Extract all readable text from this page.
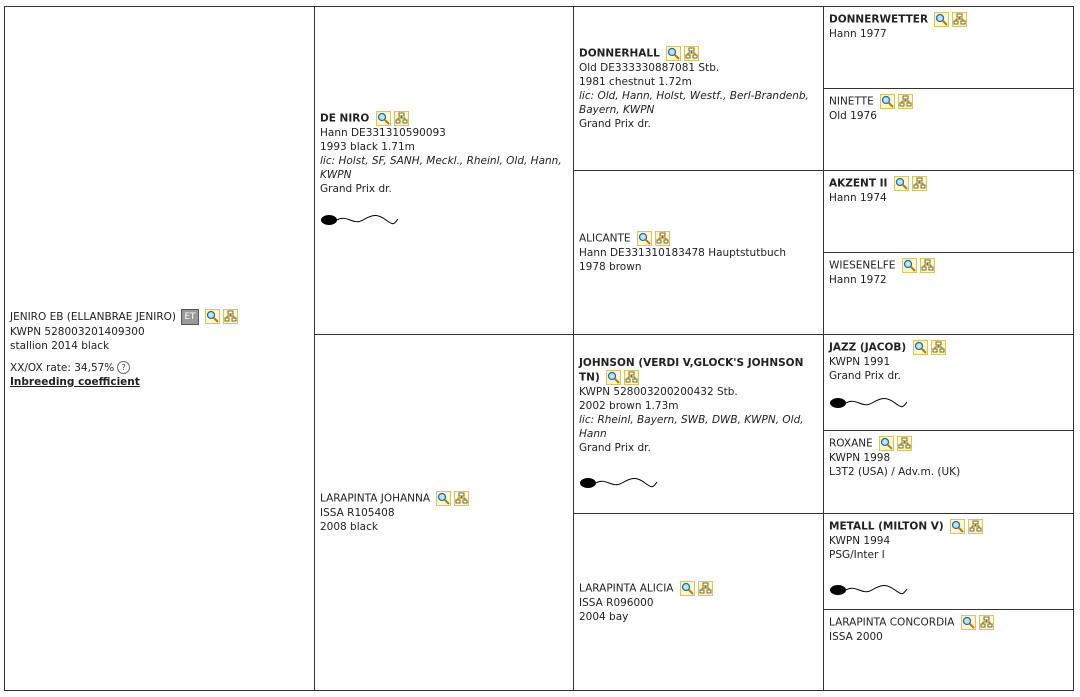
JENIRO EB (ELLANBRAE JENIRO) ET
KWPN 528003201409300
stallion 2014 black
XX/OX rate: 34,57% ?
Inbreeding coefficient
DE NIRO
Hann DE331310590093
1993 black 1.71m
lic: Holst, SF, SANH, Meckl., Rheinl, Old, Hann, KWPN
Grand Prix dr.
LARAPINTA JOHANNA
ISSA R105408
2008 black
DONNERHALL
Old DE333330887081 Stb.
1981 chestnut 1.72m
lic: Old, Hann, Holst, Westf., Berl-Brandenb, Bayern, KWPN
Grand Prix dr.
ALICANTE
Hann DE331310183478 Hauptstutbuch
1978 brown
JOHNSON (VERDI V,GLOCK'S JOHNSON TN)
KWPN 528003200200432 Stb.
2002 brown 1.73m
lic: Rheinl, Bayern, SWB, DWB, KWPN, Old, Hann
Grand Prix dr.
LARAPINTA ALICIA
ISSA R096000
2004 bay
DONNERWETTER
Hann 1977
NINETTE
Old 1976
AKZENT II
Hann 1974
WIESENELFE
Hann 1972
JAZZ (JACOB)
KWPN 1991
Grand Prix dr.
ROXANE
KWPN 1998
L3T2 (USA) / Adv.m. (UK)
METALL (MILTON V)
KWPN 1994
PSG/Inter I
LARAPINTA CONCORDIA
ISSA 2000
